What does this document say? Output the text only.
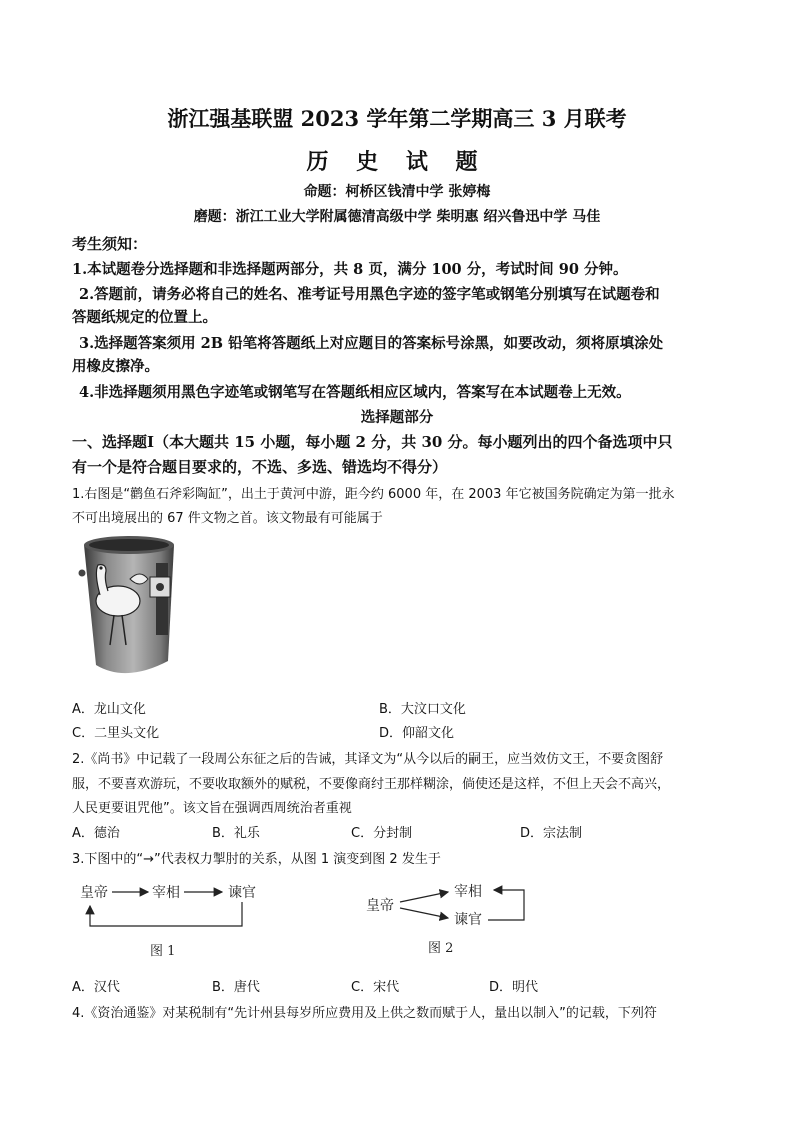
浙江强基联盟 2023 学年第二学期高三 3 月联考
历 史 试 题
命题：柯桥区钱清中学 张婷梅
磨题：浙江工业大学附属德清高级中学 柴明惠 绍兴鲁迅中学 马佳
考生须知：
1.本试题卷分选择题和非选择题两部分，共 8 页，满分 100 分，考试时间 90 分钟。
2.答题前，请务必将自己的姓名、准考证号用黑色字迹的签字笔或钢笔分别填写在试题卷和
答题纸规定的位置上。
3.选择题答案须用 2B 铅笔将答题纸上对应题目的答案标号涂黑，如要改动，须将原填涂处
用橡皮擦净。
4.非选择题须用黑色字迹笔或钢笔写在答题纸相应区域内，答案写在本试题卷上无效。
选择题部分
一、选择题Ⅰ（本大题共 15 小题，每小题 2 分，共 30 分。每小题列出的四个备选项中只
有一个是符合题目要求的，不选、多选、错选均不得分）
1.右图是“鹳鱼石斧彩陶缸”，出土于黄河中游，距今约 6000 年，在 2003 年它被国务院确定为第一批永
不可出境展出的 67 件文物之首。该文物最有可能属于
A．龙山文化	B．大汶口文化
C．二里头文化	D．仰韶文化
2.《尚书》中记载了一段周公东征之后的告诫，其译文为“从今以后的嗣王，应当效仿文王，不要贪图舒
服，不要喜欢游玩，不要收取额外的赋税，不要像商纣王那样糊涂，倘使还是这样，不但上天会不高兴，
人民更要诅咒他”。该文旨在强调西周统治者重视
A．德治	B．礼乐	C．分封制	D．宗法制
3.下图中的“→”代表权力掣肘的关系，从图 1 演变到图 2 发生于
皇帝	宰相	谏官
图 1
皇帝
宰相
谏官
图 2
A．汉代	B．唐代	C．宋代	D．明代
4.《资治通鉴》对某税制有“先计州县每岁所应费用及上供之数而赋于人，量出以制入”的记载，下列符
